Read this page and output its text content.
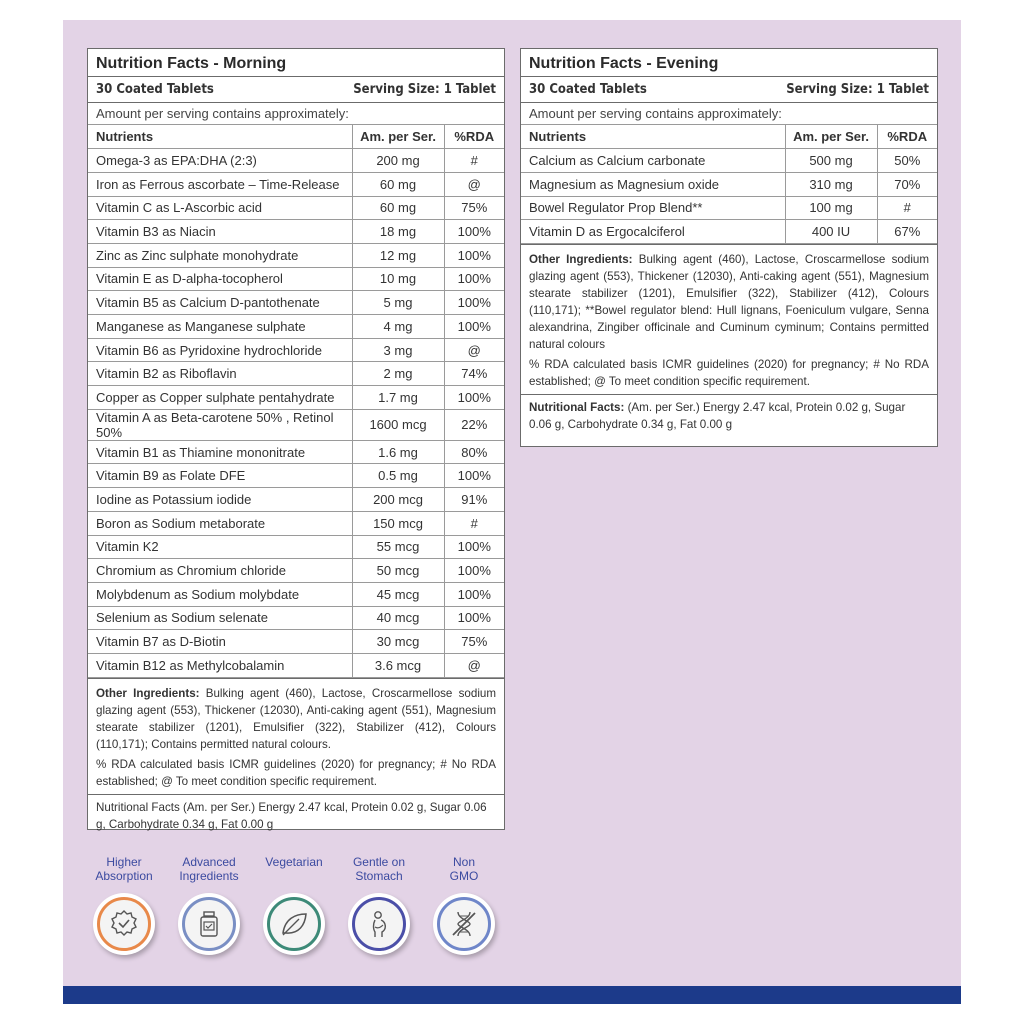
Nutrition Facts - Morning
30 Coated Tablets	Serving Size: 1 Tablet
Amount per serving contains approximately:
Nutrients	Am. per Ser.	%RDA
Omega-3 as EPA:DHA (2:3)	200 mg	#
Iron as Ferrous ascorbate – Time-Release	60 mg	@
Vitamin C as L-Ascorbic acid	60 mg	75%
Vitamin B3 as Niacin	18 mg	100%
Zinc as Zinc sulphate monohydrate	12 mg	100%
Vitamin E as D-alpha-tocopherol	10 mg	100%
Vitamin B5 as Calcium D-pantothenate	5 mg	100%
Manganese as Manganese sulphate	4 mg	100%
Vitamin B6 as Pyridoxine hydrochloride	3 mg	@
Vitamin B2 as Riboflavin	2 mg	74%
Copper as Copper sulphate pentahydrate	1.7 mg	100%
Vitamin A as Beta-carotene 50% , Retinol 50%	1600 mcg	22%
Vitamin B1 as Thiamine mononitrate	1.6 mg	80%
Vitamin B9 as Folate DFE	0.5 mg	100%
Iodine as Potassium iodide	200 mcg	91%
Boron as Sodium metaborate	150 mcg	#
Vitamin K2	55 mcg	100%
Chromium as Chromium chloride	50 mcg	100%
Molybdenum as Sodium molybdate	45 mcg	100%
Selenium as Sodium selenate	40 mcg	100%
Vitamin B7 as D-Biotin	30 mcg	75%
Vitamin B12 as Methylcobalamin	3.6 mcg	@
Other Ingredients: Bulking agent (460), Lactose, Croscarmellose sodium glazing agent (553), Thickener (12030), Anti-caking agent (551), Magnesium stearate stabilizer (1201), Emulsifier (322), Stabilizer (412), Colours (110,171); Contains permitted natural colours.
% RDA calculated basis ICMR guidelines (2020) for pregnancy; # No RDA established; @ To meet condition specific requirement.
Nutritional Facts (Am. per Ser.) Energy 2.47 kcal, Protein 0.02 g, Sugar 0.06 g, Carbohydrate 0.34 g, Fat 0.00 g
Nutrition Facts - Evening
30 Coated Tablets	Serving Size: 1 Tablet
Amount per serving contains approximately:
Nutrients	Am. per Ser.	%RDA
Calcium as Calcium carbonate	500 mg	50%
Magnesium as Magnesium oxide	310 mg	70%
Bowel Regulator Prop Blend**	100 mg	#
Vitamin D as Ergocalciferol	400 IU	67%
Other Ingredients: Bulking agent (460), Lactose, Croscarmellose sodium glazing agent (553), Thickener (12030), Anti-caking agent (551), Magnesium stearate stabilizer (1201), Emulsifier (322), Stabilizer (412), Colours (110,171); **Bowel regulator blend: Hull lignans, Foeniculum vulgare, Senna alexandrina, Zingiber officinale and Cuminum cyminum; Contains permitted natural colours
% RDA calculated basis ICMR guidelines (2020) for pregnancy; # No RDA established; @ To meet condition specific requirement.
Nutritional Facts: (Am. per Ser.) Energy 2.47 kcal, Protein 0.02 g, Sugar 0.06 g, Carbohydrate 0.34 g, Fat 0.00 g
Higher
Absorption
Advanced
Ingredients
Vegetarian	Gentle on
Stomach
Non
GMO
